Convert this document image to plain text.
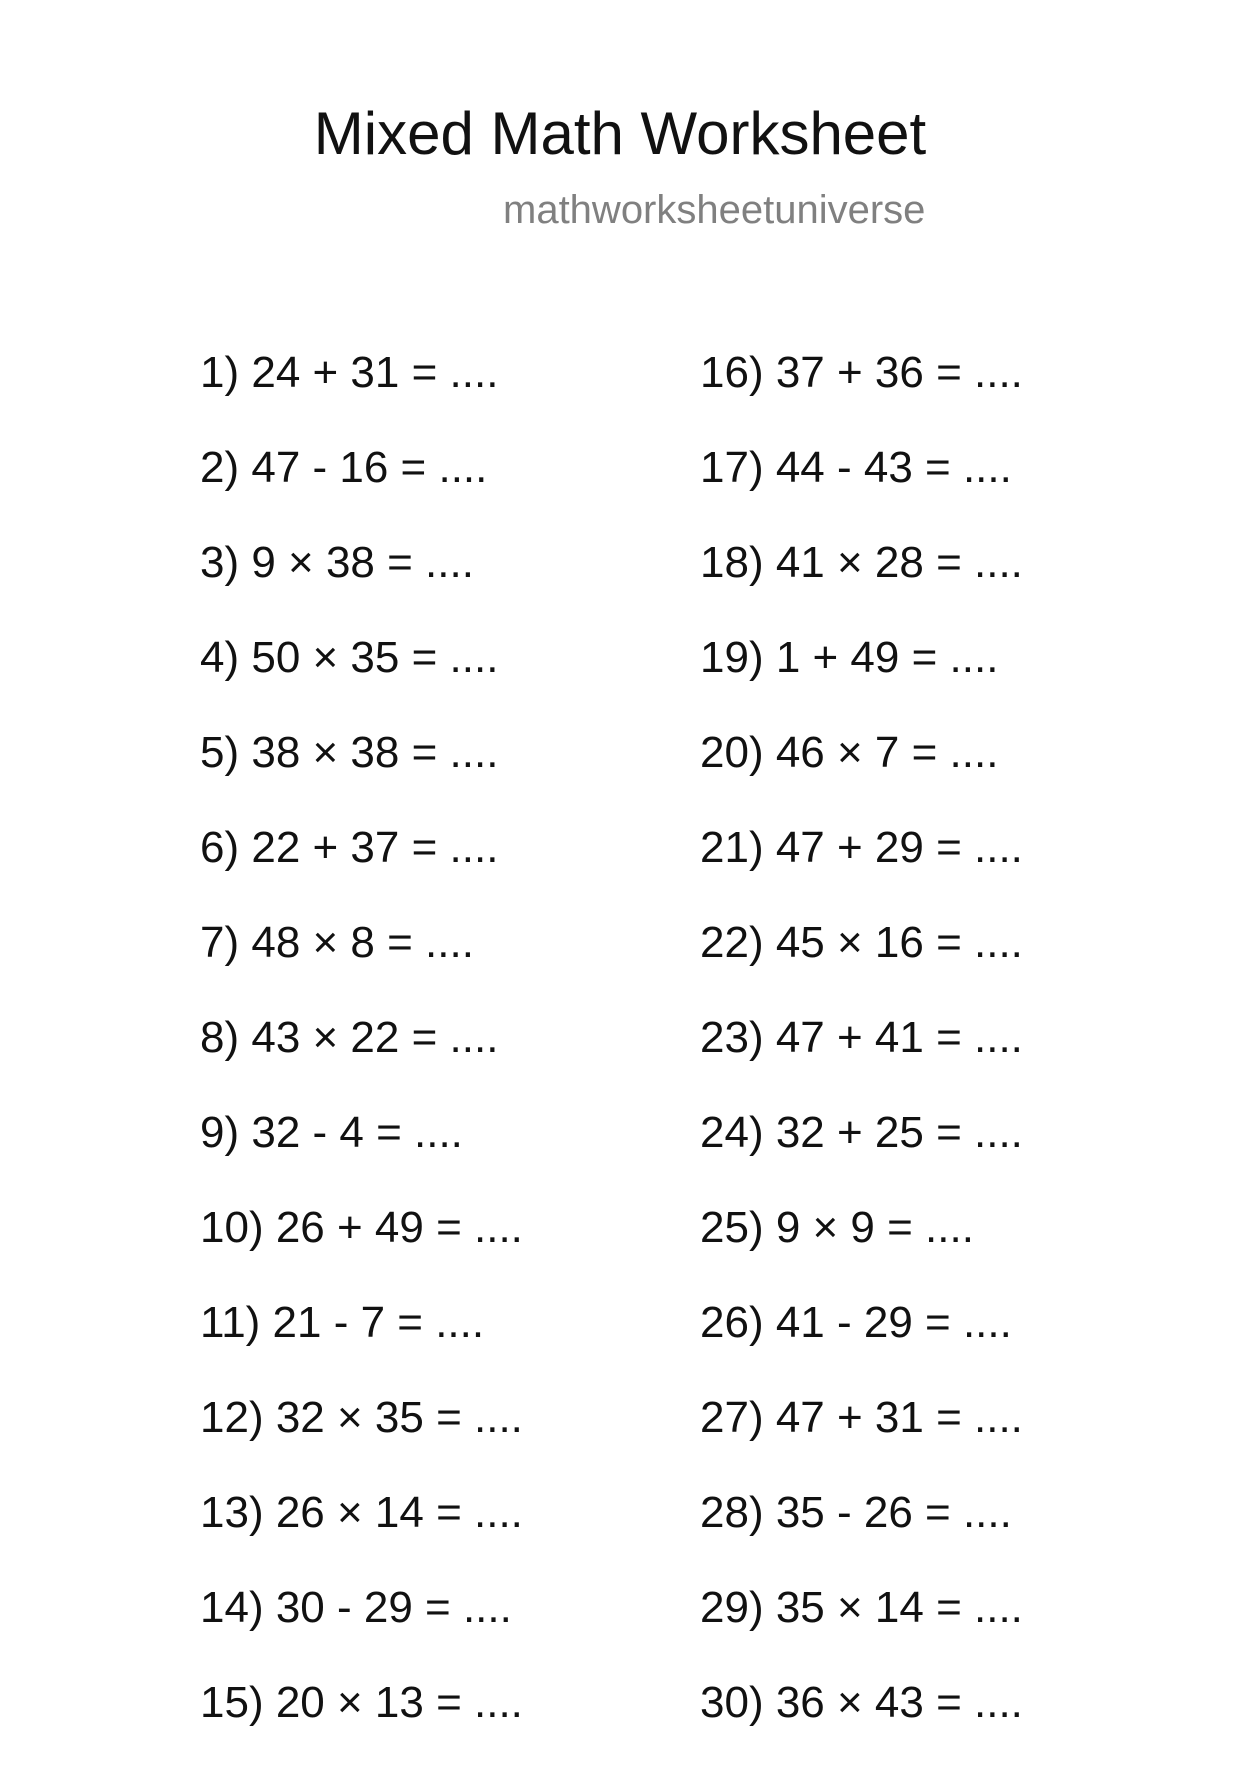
Mixed Math Worksheet
mathworksheetuniverse
1) 24 + 31 = ....
2) 47 - 16 = ....
3) 9 × 38 = ....
4) 50 × 35 = ....
5) 38 × 38 = ....
6) 22 + 37 = ....
7) 48 × 8 = ....
8) 43 × 22 = ....
9) 32 - 4 = ....
10) 26 + 49 = ....
11) 21 - 7 = ....
12) 32 × 35 = ....
13) 26 × 14 = ....
14) 30 - 29 = ....
15) 20 × 13 = ....
16) 37 + 36 = ....
17) 44 - 43 = ....
18) 41 × 28 = ....
19) 1 + 49 = ....
20) 46 × 7 = ....
21) 47 + 29 = ....
22) 45 × 16 = ....
23) 47 + 41 = ....
24) 32 + 25 = ....
25) 9 × 9 = ....
26) 41 - 29 = ....
27) 47 + 31 = ....
28) 35 - 26 = ....
29) 35 × 14 = ....
30) 36 × 43 = ....
